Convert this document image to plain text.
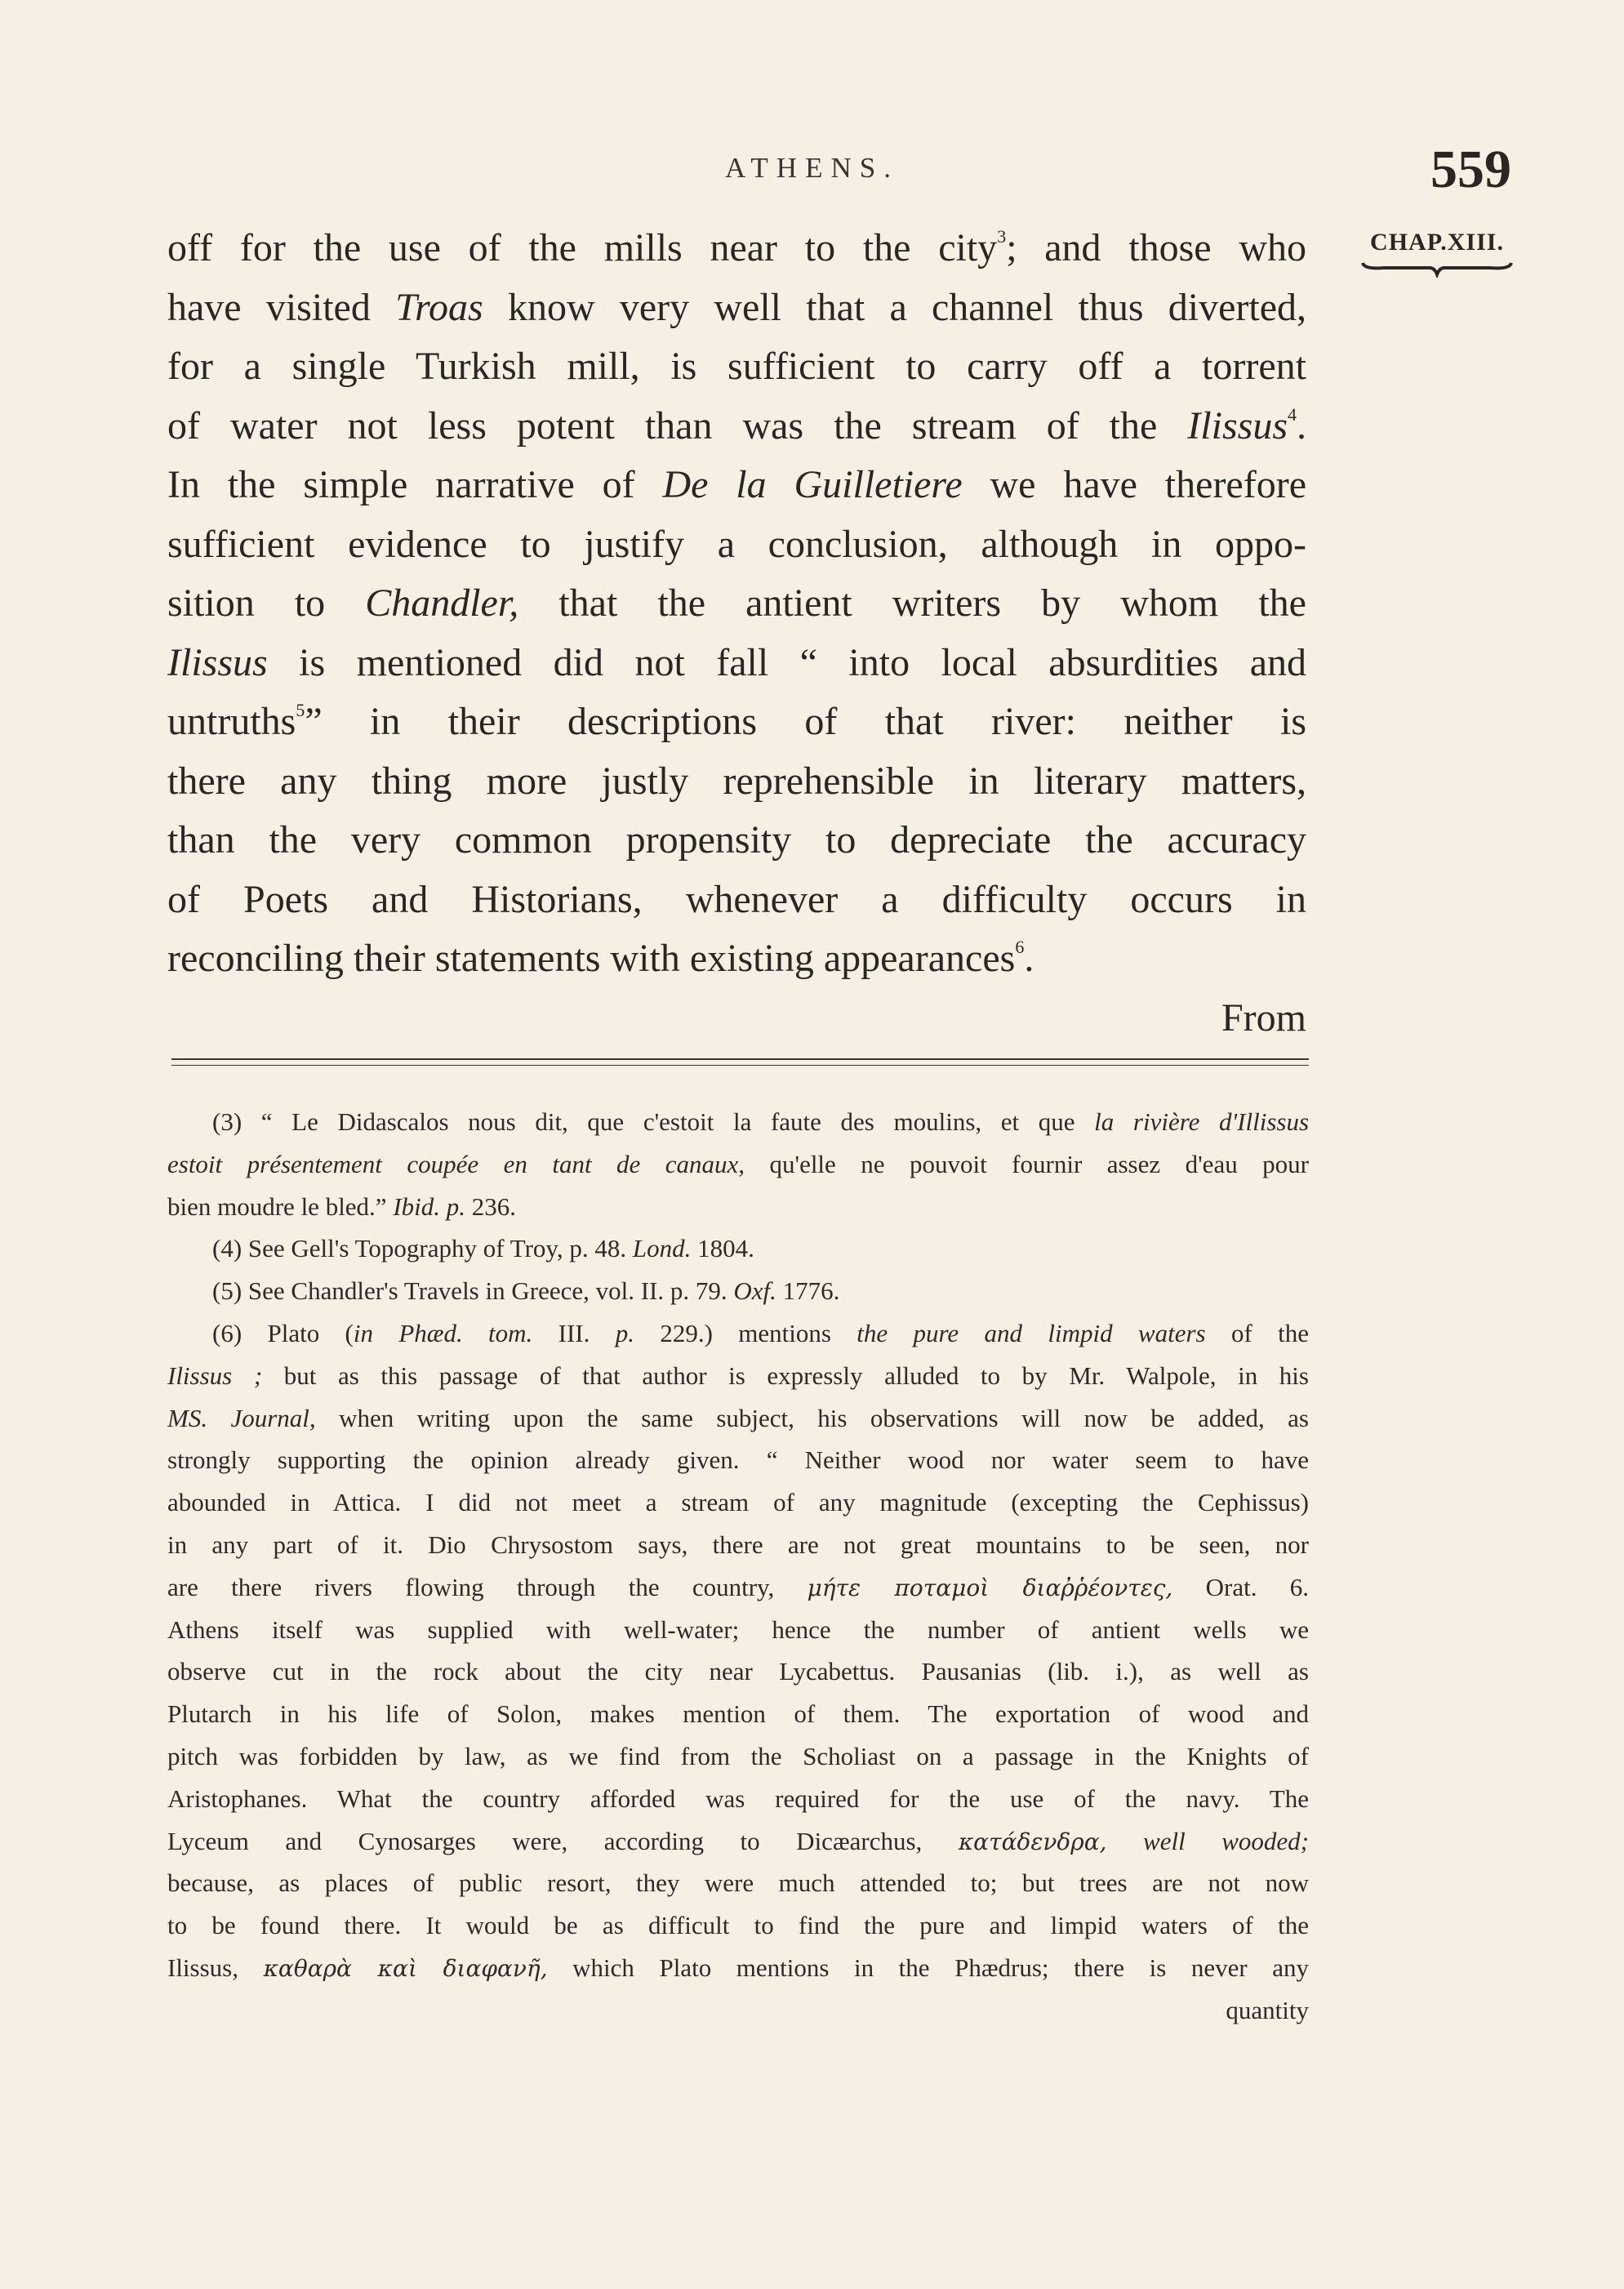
ATHENS.	559
CHAP.XIII.
off for the use of the mills near to the city$^3$; and those who
have visited Troas know very well that a channel thus diverted,
for a single Turkish mill, is sufficient to carry off a torrent
of water not less potent than was the stream of the Ilissus$^4$.
In the simple narrative of De la Guilletiere we have therefore
sufficient evidence to justify a conclusion, although in oppo-
sition to Chandler, that the antient writers by whom the
Ilissus is mentioned did not fall “ into local absurdities and
untruths$^5$” in their descriptions of that river: neither is
there any thing more justly reprehensible in literary matters,
than the very common propensity to depreciate the accuracy
of Poets and Historians, whenever a difficulty occurs in
reconciling their statements with existing appearances$^6$.
From
(3) “ Le Didascalos nous dit, que c'estoit la faute des moulins, et que la rivière d'Illissus
estoit présentement coupée en tant de canaux, qu'elle ne pouvoit fournir assez d'eau pour
bien moudre le bled.” Ibid. p. 236.
(4) See Gell's Topography of Troy, p. 48. Lond. 1804.
(5) See Chandler's Travels in Greece, vol. II. p. 79. Oxf. 1776.
(6) Plato (in Phæd. tom. III. p. 229.) mentions the pure and limpid waters of the
Ilissus ; but as this passage of that author is expressly alluded to by Mr. Walpole, in his
MS. Journal, when writing upon the same subject, his observations will now be added, as
strongly supporting the opinion already given. “ Neither wood nor water seem to have
abounded in Attica. I did not meet a stream of any magnitude (excepting the Cephissus)
in any part of it. Dio Chrysostom says, there are not great mountains to be seen, nor
are there rivers flowing through the country, μήτε ποταμοὶ διαῤῥέοντες, Orat. 6.
Athens itself was supplied with well-water; hence the number of antient wells we
observe cut in the rock about the city near Lycabettus. Pausanias (lib. i.), as well as
Plutarch in his life of Solon, makes mention of them. The exportation of wood and
pitch was forbidden by law, as we find from the Scholiast on a passage in the Knights of
Aristophanes. What the country afforded was required for the use of the navy. The
Lyceum and Cynosarges were, according to Dicæarchus, κατάδενδρα, well wooded;
because, as places of public resort, they were much attended to; but trees are not now
to be found there. It would be as difficult to find the pure and limpid waters of the
Ilissus, καθαρὰ καὶ διαφανῆ, which Plato mentions in the Phædrus; there is never any
quantity
